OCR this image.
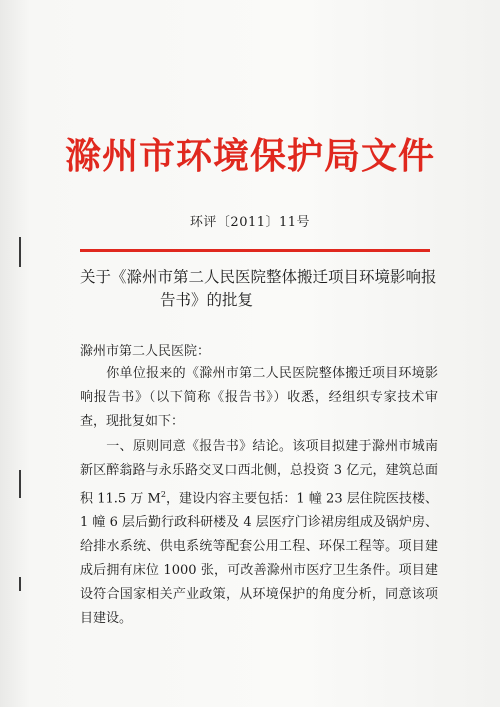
滁州市环境保护局文件
环评〔2011〕11号
关于《滁州市第二人民医院整体搬迁项目环境影响报
告书》的批复
滁州市第二人民医院：
你单位报来的《滁州市第二人民医院整体搬迁项目环境影响报告书》（以下简称《报告书》）收悉，经组织专家技术审查，现批复如下：
一、原则同意《报告书》结论。该项目拟建于滁州市城南新区醉翁路与永乐路交叉口西北侧，总投资 3 亿元，建筑总面积 11.5 万 $M^2$，建设内容主要包括：1 幢 23 层住院医技楼、1 幢 6 层后勤行政科研楼及 4 层医疗门诊裙房组成及锅炉房、给排水系统、供电系统等配套公用工程、环保工程等。项目建成后拥有床位 1000 张，可改善滁州市医疗卫生条件。项目建设符合国家相关产业政策，从环境保护的角度分析，同意该项目建设。
